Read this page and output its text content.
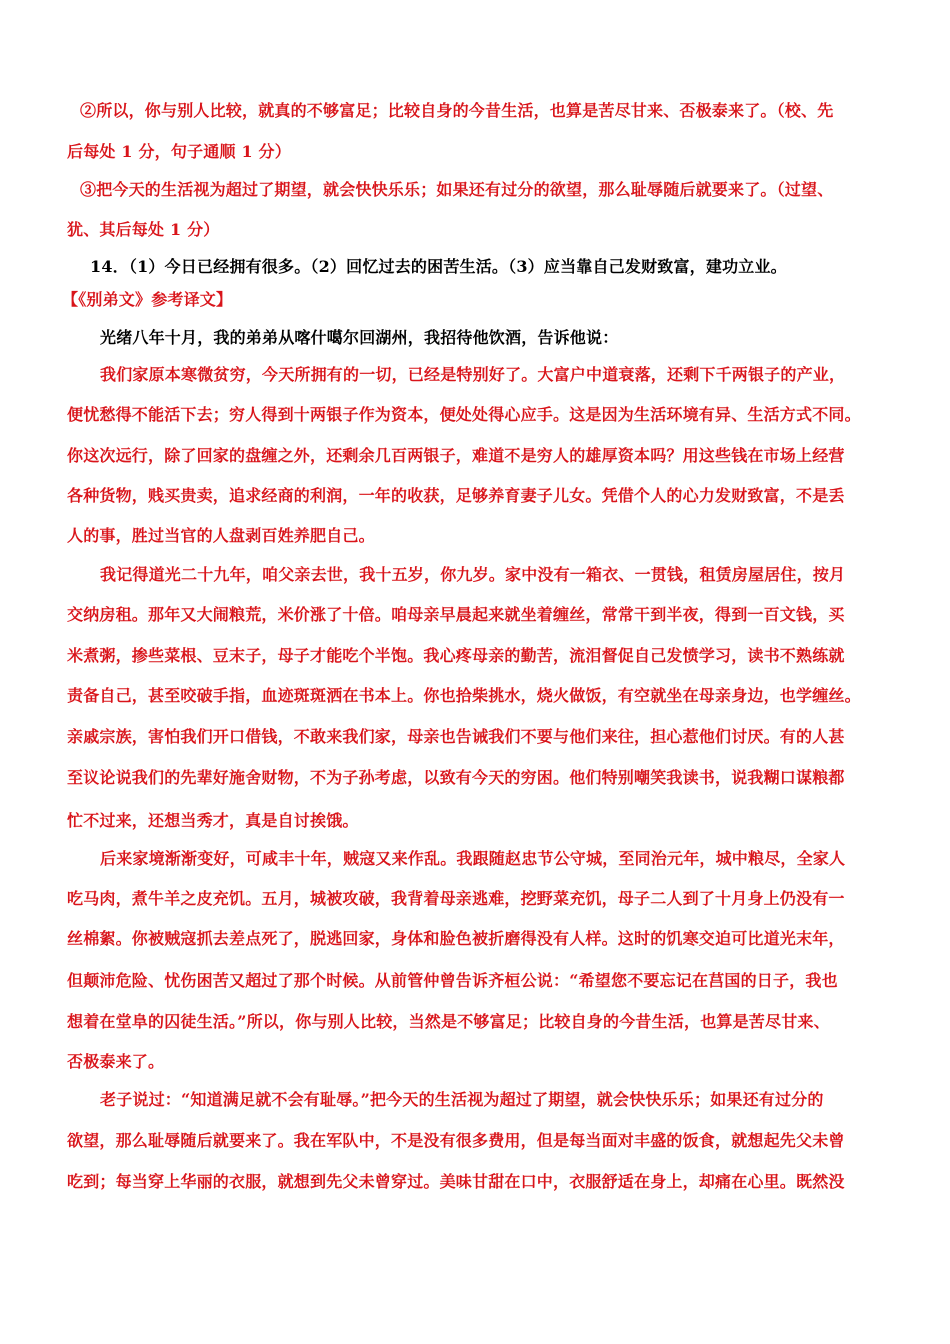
②所以，你与别人比较，就真的不够富足；比较自身的今昔生活，也算是苦尽甘来、否极泰来了。（校、先
后每处 1 分，句子通顺 1 分）
③把今天的生活视为超过了期望，就会快快乐乐；如果还有过分的欲望，那么耻辱随后就要来了。（过望、
犹、其后每处 1 分）
14．（1）今日已经拥有很多。（2）回忆过去的困苦生活。（3）应当靠自己发财致富，建功立业。
【《别弟文》参考译文】
光绪八年十月，我的弟弟从喀什噶尔回湖州，我招待他饮酒，告诉他说：
我们家原本寒微贫穷，今天所拥有的一切，已经是特别好了。大富户中道衰落，还剩下千两银子的产业，
便忧愁得不能活下去；穷人得到十两银子作为资本，便处处得心应手。这是因为生活环境有异、生活方式不同。
你这次远行，除了回家的盘缠之外，还剩余几百两银子，难道不是穷人的雄厚资本吗？用这些钱在市场上经营
各种货物，贱买贵卖，追求经商的利润，一年的收获，足够养育妻子儿女。凭借个人的心力发财致富，不是丢
人的事，胜过当官的人盘剥百姓养肥自己。
我记得道光二十九年，咱父亲去世，我十五岁，你九岁。家中没有一箱衣、一贯钱，租赁房屋居住，按月
交纳房租。那年又大闹粮荒，米价涨了十倍。咱母亲早晨起来就坐着缠丝，常常干到半夜，得到一百文钱，买
米煮粥，掺些菜根、豆末子，母子才能吃个半饱。我心疼母亲的勤苦，流泪督促自己发愤学习，读书不熟练就
责备自己，甚至咬破手指，血迹斑斑洒在书本上。你也拾柴挑水，烧火做饭，有空就坐在母亲身边，也学缠丝。
亲戚宗族，害怕我们开口借钱，不敢来我们家，母亲也告诫我们不要与他们来往，担心惹他们讨厌。有的人甚
至议论说我们的先辈好施舍财物，不为子孙考虑，以致有今天的穷困。他们特别嘲笑我读书，说我糊口谋粮都
忙不过来，还想当秀才，真是自讨挨饿。
后来家境渐渐变好，可咸丰十年，贼寇又来作乱。我跟随赵忠节公守城，至同治元年，城中粮尽，全家人
吃马肉，煮牛羊之皮充饥。五月，城被攻破，我背着母亲逃难，挖野菜充饥，母子二人到了十月身上仍没有一
丝棉絮。你被贼寇抓去差点死了，脱逃回家，身体和脸色被折磨得没有人样。这时的饥寒交迫可比道光末年，
但颠沛危险、忧伤困苦又超过了那个时候。从前管仲曾告诉齐桓公说：“希望您不要忘记在莒国的日子，我也
想着在堂阜的囚徒生活。”所以，你与别人比较，当然是不够富足；比较自身的今昔生活，也算是苦尽甘来、
否极泰来了。
老子说过：“知道满足就不会有耻辱。”把今天的生活视为超过了期望，就会快快乐乐；如果还有过分的
欲望，那么耻辱随后就要来了。我在军队中，不是没有很多费用，但是每当面对丰盛的饭食，就想起先父未曾
吃到；每当穿上华丽的衣服，就想到先父未曾穿过。美味甘甜在口中，衣服舒适在身上，却痛在心里。既然没
